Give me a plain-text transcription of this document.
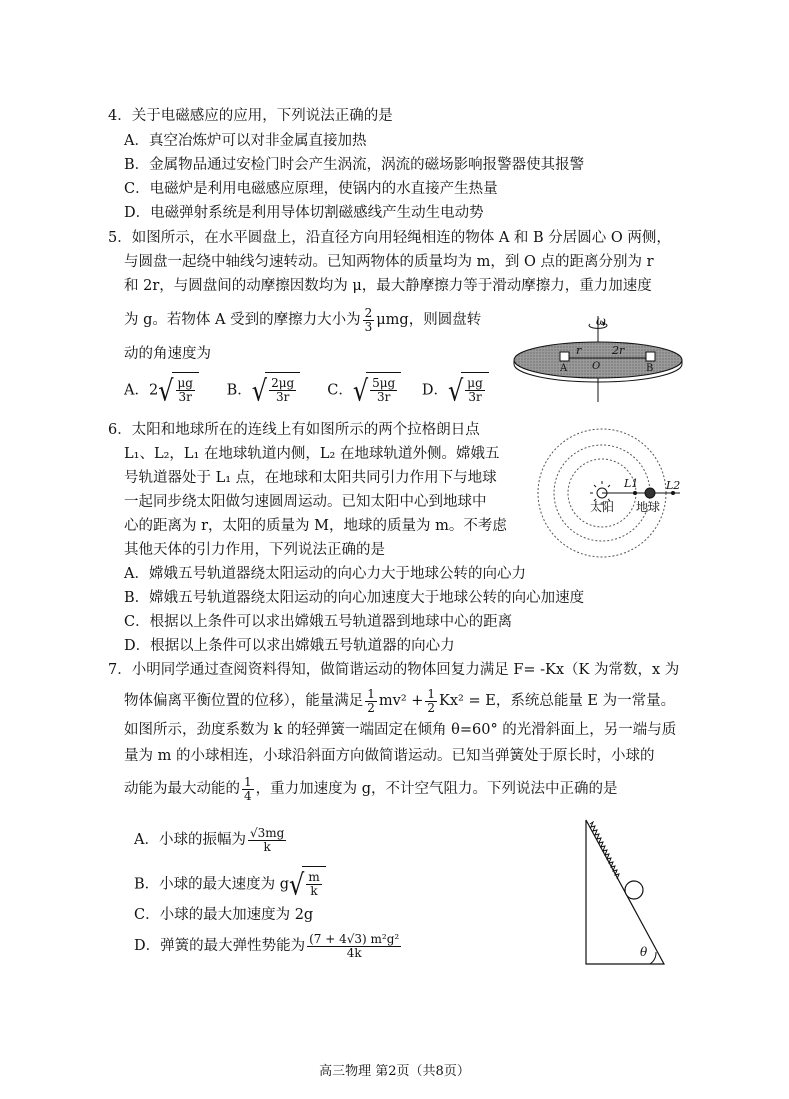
4．关于电磁感应的应用，下列说法正确的是
A．真空冶炼炉可以对非金属直接加热
B．金属物品通过安检门时会产生涡流，涡流的磁场影响报警器使其报警
C．电磁炉是利用电磁感应原理，使锅内的水直接产生热量
D．电磁弹射系统是利用导体切割磁感线产生动生电动势
5．如图所示，在水平圆盘上，沿直径方向用轻绳相连的物体 A 和 B 分居圆心 O 两侧，
与圆盘一起绕中轴线匀速转动。已知两物体的质量均为 m，到 O 点的距离分别为 r
和 2r，与圆盘间的动摩擦因数均为 μ，最大静摩擦力等于滑动摩擦力，重力加速度
为 g。若物体 A 受到的摩擦力大小为 $\frac{2}{3}$ μmg，则圆盘转
动的角速度为
A．$2√ \frac{\mu g}{3r}$ B．√ $\frac{2\mu g}{3r}$ C．√ $\frac{5\mu g}{3r}$ D．√ $\frac{\mu g}{3r}$
ω
r	2r
O
A	B
6．太阳和地球所在的连线上有如图所示的两个拉格朗日点
L₁、L₂，L₁ 在地球轨道内侧，L₂ 在地球轨道外侧。嫦娥五
号轨道器处于 L₁ 点，在地球和太阳共同引力作用下与地球
一起同步绕太阳做匀速圆周运动。已知太阳中心到地球中
心的距离为 r，太阳的质量为 M，地球的质量为 m。不考虑
其他天体的引力作用，下列说法正确的是
A．嫦娥五号轨道器绕太阳运动的向心力大于地球公转的向心力
B．嫦娥五号轨道器绕太阳运动的向心加速度大于地球公转的向心加速度
C．根据以上条件可以求出嫦娥五号轨道器到地球中心的距离
D．根据以上条件可以求出嫦娥五号轨道器的向心力
太阳 地球
L1	L2
7．小明同学通过查阅资料得知，做简谐运动的物体回复力满足 F= -Kx（K 为常数，x 为
物体偏离平衡位置的位移），能量满足 $\frac{1}{2} mv^2 + \frac{1}{2} Kx^2 = E$，系统总能量 E 为一常量。
如图所示，劲度系数为 k 的轻弹簧一端固定在倾角 θ=60° 的光滑斜面上，另一端与质
量为 m 的小球相连，小球沿斜面方向做简谐运动。已知当弹簧处于原长时，小球的
动能为最大动能的 $\frac{1}{4}$ ，重力加速度为 g，不计空气阻力。下列说法中正确的是
A．小球的振幅为 $\frac{√3mg}{k}$
B．小球的最大速度为 $g√ \frac{m}{k}$
C．小球的最大加速度为 2g
D．弹簧的最大弹性势能为 $\frac{\text{(7 + 4√3) m²g²}}{4k}$	θ
高三物理 第2页（共8页）
